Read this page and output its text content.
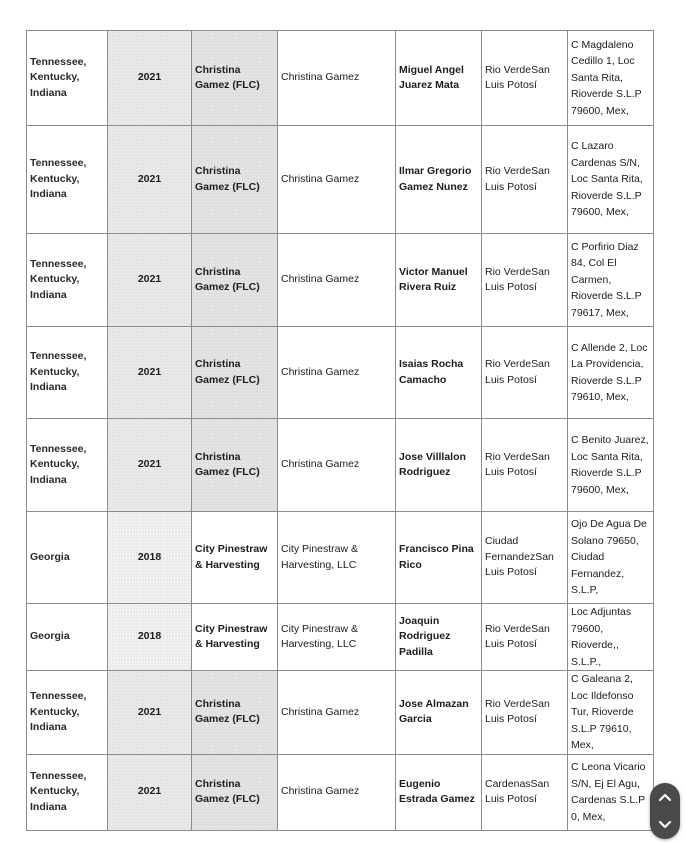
Tennessee, Kentucky, Indiana	2021	Christina Gamez (FLC)	Christina Gamez	Miguel Angel Juarez Mata	Rio VerdeSan Luis Potosí	C Magdaleno Cedillo 1, Loc Santa Rita, Rioverde S.L.P 79600, Mex,
Tennessee, Kentucky, Indiana	2021	Christina Gamez (FLC)	Christina Gamez	Ilmar Gregorio Gamez Nunez	Rio VerdeSan Luis Potosí	C Lazaro Cardenas S/N, Loc Santa Rita, Rioverde S.L.P 79600, Mex,
Tennessee, Kentucky, Indiana	2021	Christina Gamez (FLC)	Christina Gamez	Victor Manuel Rivera Ruiz	Rio VerdeSan Luis Potosí	C Porfirio Diaz 84, Col El Carmen, Rioverde S.L.P 79617, Mex,
Tennessee, Kentucky, Indiana	2021	Christina Gamez (FLC)	Christina Gamez	Isaias Rocha Camacho	Rio VerdeSan Luis Potosí	C Allende 2, Loc La Providencia, Rioverde S.L.P 79610, Mex,
Tennessee, Kentucky, Indiana	2021	Christina Gamez (FLC)	Christina Gamez	Jose Villlalon Rodriguez	Rio VerdeSan Luis Potosí	C Benito Juarez, Loc Santa Rita, Rioverde S.L.P 79600, Mex,
Georgia	2018	City Pinestraw & Harvesting	City Pinestraw & Harvesting, LLC	Francisco Pina Rico	Ciudad FernandezSan Luis Potosí	Ojo De Agua De Solano 79650, Ciudad Fernandez, S.L.P,
Georgia	2018	City Pinestraw & Harvesting	City Pinestraw & Harvesting, LLC	Joaquin Rodriguez Padilla	Rio VerdeSan Luis Potosí	Loc Adjuntas 79600, Rioverde,, S.L.P.,
Tennessee, Kentucky, Indiana	2021	Christina Gamez (FLC)	Christina Gamez	Jose Almazan Garcia	Rio VerdeSan Luis Potosí	C Galeana 2, Loc Ildefonso Tur, Rioverde S.L.P 79610, Mex,
Tennessee, Kentucky, Indiana	2021	Christina Gamez (FLC)	Christina Gamez	Eugenio Estrada Gamez	CardenasSan Luis Potosí	C Leona Vicario S/N, Ej El Agu, Cardenas S.L.P 0, Mex,
